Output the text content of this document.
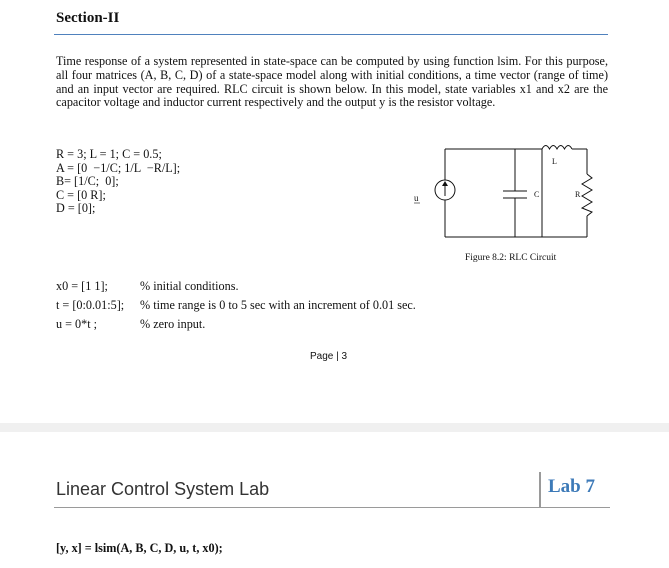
Section-II
Time response of a system represented in state-space can be computed by using function lsim. For this purpose, all four matrices (A, B, C, D) of a state-space model along with initial conditions, a time vector (range of time) and an input vector are required. RLC circuit is shown below. In this model, state variables x1 and x2 are the capacitor voltage and inductor current respectively and the output y is the resistor voltage.
R = 3; L = 1; C = 0.5;
A = [0  −1/C; 1/L  −R/L];
B= [1/C;  0];
C = [0 R];
D = [0];
u	C
L
R
Figure 8.2: RLC Circuit
x0 = [1 1];	% initial conditions.
t = [0:0.01:5];	% time range is 0 to 5 sec with an increment of 0.01 sec.
u = 0*t ;	% zero input.
Page | 3
Linear Control System Lab	Lab 7
[y, x] = lsim(A, B, C, D, u, t, x0);
